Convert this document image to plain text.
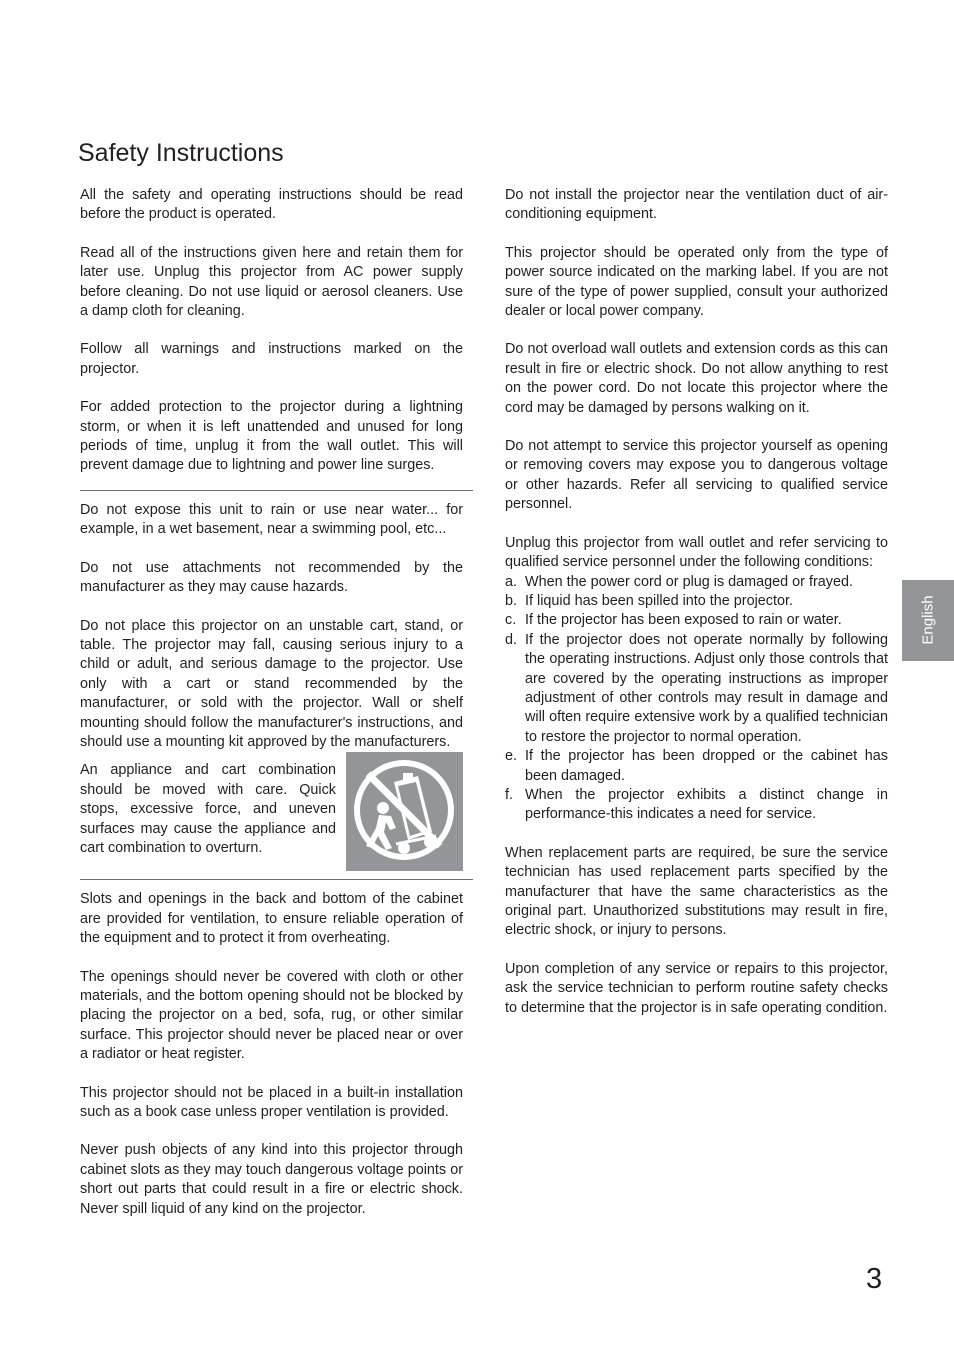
Safety Instructions

All the safety and operating instructions should be read before the product is operated.

Read all of the instructions given here and retain them for later use. Unplug this projector from AC power supply before cleaning. Do not use liquid or aerosol cleaners. Use a damp cloth for cleaning.

Follow all warnings and instructions marked on the projector.

For added protection to the projector during a lightning storm, or when it is left unattended and unused for long periods of time, unplug it from the wall outlet. This will prevent damage due to lightning and power line surges.

Do not expose this unit to rain or use near water... for example, in a wet basement, near a swimming pool, etc...

Do not use attachments not recommended by the manufacturer as they may cause hazards.

Do not place this projector on an unstable cart, stand, or table. The projector may fall, causing serious injury to a child or adult, and serious damage to the projector. Use only with a cart or stand recommended by the manufacturer, or sold with the projector. Wall or shelf mounting should follow the manufacturer's instructions, and should use a mounting kit approved by the manufacturers.

An appliance and cart combination should be moved with care. Quick stops, excessive force, and uneven surfaces may cause the appliance and cart combination to overturn.

Slots and openings in the back and bottom of the cabinet are provided for ventilation, to ensure reliable operation of the equipment and to protect it from overheating.

The openings should never be covered with cloth or other materials, and the bottom opening should not be blocked by placing the projector on a bed, sofa, rug, or other similar surface. This projector should never be placed near or over a radiator or heat register.

This projector should not be placed in a built-in installation such as a book case unless proper ventilation is provided.

Never push objects of any kind into this projector through cabinet slots as they may touch dangerous voltage points or short out parts that could result in a fire or electric shock. Never spill liquid of any kind on the projector.

Do not install the projector near the ventilation duct of air-conditioning equipment.

This projector should be operated only from the type of power source indicated on the marking label. If you are not sure of the type of power supplied, consult your authorized dealer or local power company.

Do not overload wall outlets and extension cords as this can result in fire or electric shock. Do not allow anything to rest on the power cord. Do not locate this projector where the cord may be damaged by persons walking on it.

Do not attempt to service this projector yourself as opening or removing covers may expose you to dangerous voltage or other hazards. Refer all servicing to qualified service personnel.

Unplug this projector from wall outlet and refer servicing to qualified service personnel under the following conditions:

a. When the power cord or plug is damaged or frayed.
b. If liquid has been spilled into the projector.
c. If the projector has been exposed to rain or water.
d. If the projector does not operate normally by following the operating instructions. Adjust only those controls that are covered by the operating instructions as improper adjustment of other controls may result in damage and will often require extensive work by a qualified technician to restore the projector to normal operation.
e. If the projector has been dropped or the cabinet has been damaged.
f. When the projector exhibits a distinct change in performance-this indicates a need for service.

When replacement parts are required, be sure the service technician has used replacement parts specified by the manufacturer that have the same characteristics as the original part. Unauthorized substitutions may result in fire, electric shock, or injury to persons.

Upon completion of any service or repairs to this projector, ask the service technician to perform routine safety checks to determine that the projector is in safe operating condition.

English
3
